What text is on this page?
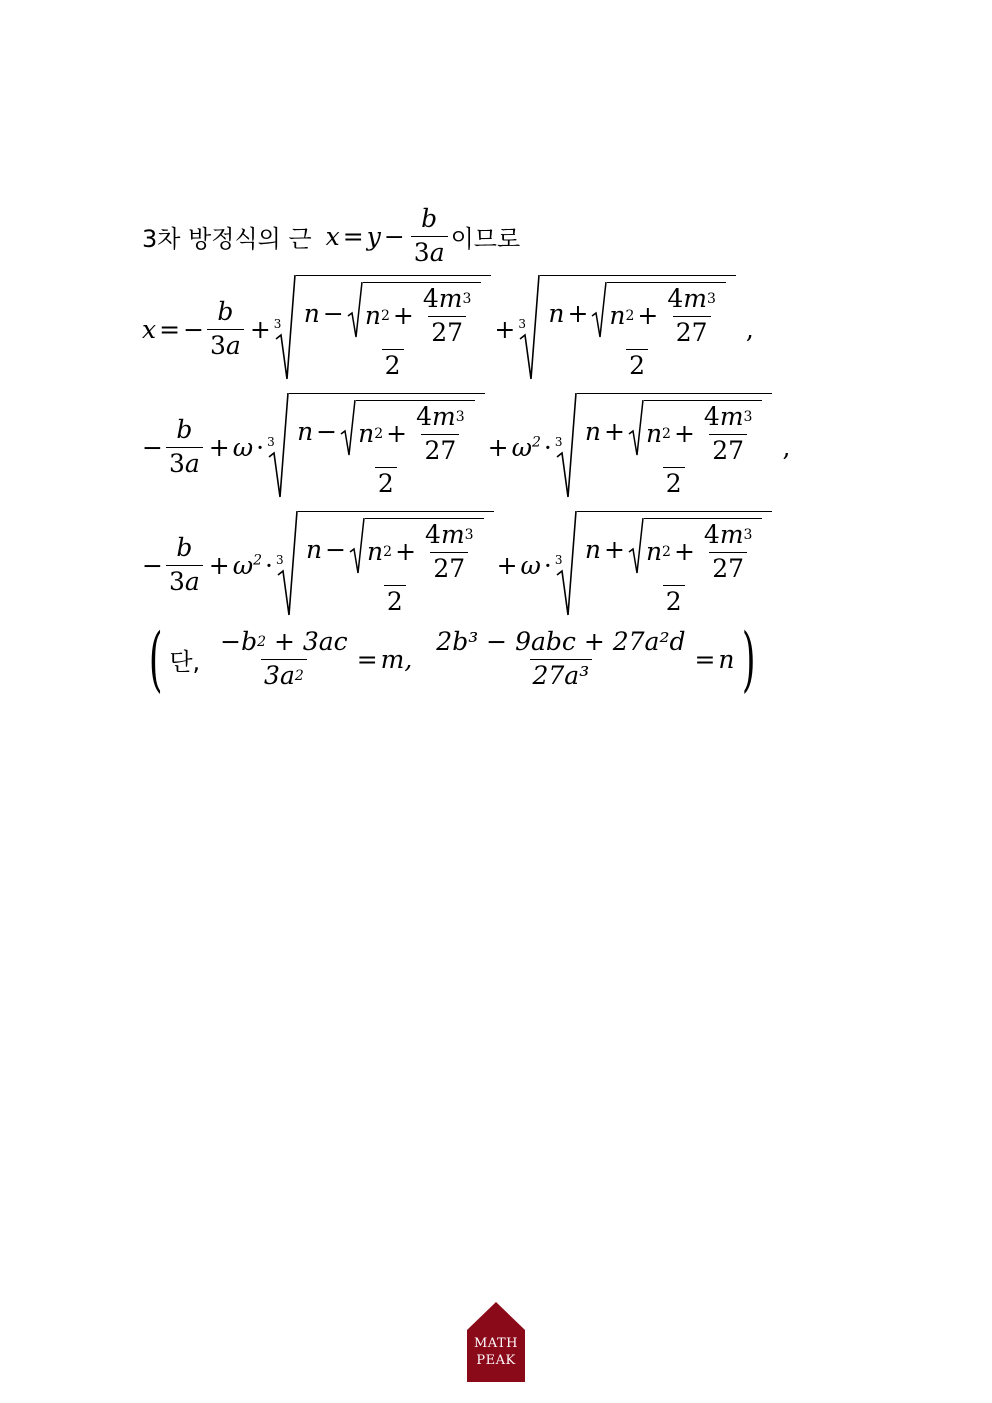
3차 방정식의 근 $x = y - \frac{b}{3 a}$ 이므로
x = − $\frac{b}{3 a} + 3$ n − n $2 + \frac{4 m 3}{27}$
2
+ 3 n + n $2 + \frac{4 m 3}{27}$
2
,
− $\frac{b}{3 a} + \omega \cdot 3$ n − n $2 + \frac{4 m 3}{27}$
2
+ $\omega^2 \cdot 3$ n + n $2 + \frac{4 m 3}{27}$
2
,
− $\frac{b}{3 a} + \omega^2 \cdot 3$ n − n $2 + \frac{4 m 3}{27}$
2
+ ω · 3 n + n $2 + \frac{4 m 3}{27}$
2
( 단, −b 2
+ 3ac
3a 2 = m, $\frac{\text{2b³ − 9abc + 27a²d}}{\text{27a³}} = n$ )
MATH
PEAK
